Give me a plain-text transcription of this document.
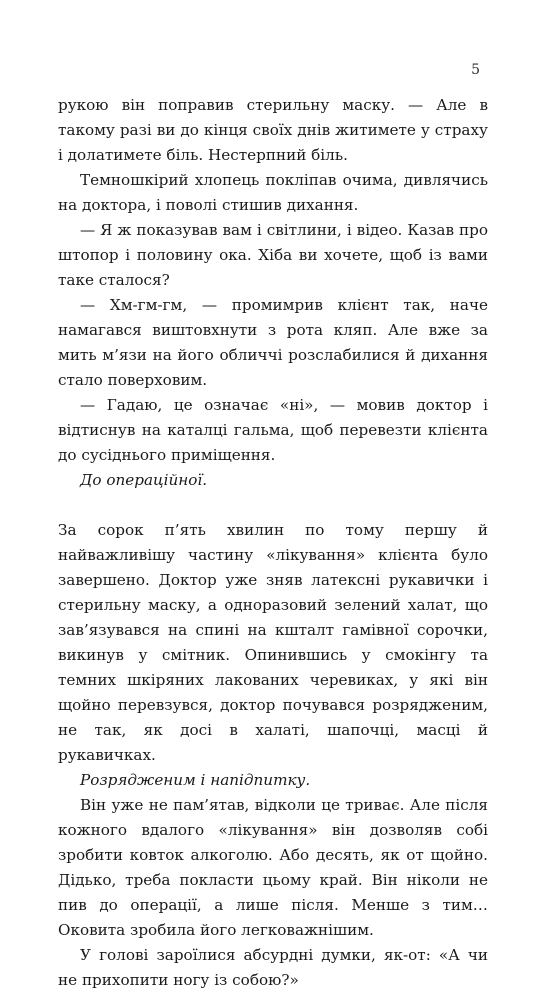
5

рукою він поправив стерильну маску. — Але в такому разі ви до кінця своїх днів житимете у страху і долатимете біль. Нестерпний біль.

Темношкірий хлопець покліпав очима, дивлячись на доктора, і поволі стишив дихання.

— Я ж показував вам і світлини, і відео. Казав про штопор і половину ока. Хіба ви хочете, щоб із вами таке сталося?

— Хм-гм-гм, — промимрив клієнт так, наче намагався виштовхнути з рота кляп. Але вже за мить м’язи на його обличчі розслабилися й дихання стало поверховим.

— Гадаю, це означає «ні», — мовив доктор і відтиснув на каталці гальма, щоб перевезти клієнта до сусіднього приміщення.

До операційної.

За сорок п’ять хвилин по тому першу й найважливішу частину «лікування» клієнта було завершено. Доктор уже зняв латексні рукавички і стерильну маску, а одноразовий зелений халат, що зав’язувався на спині на кшталт гамівної сорочки, викинув у смітник. Опинившись у смокінгу та темних шкіряних лакованих черевиках, у які він щойно перевзувся, доктор почувався розрядженим, не так, як досі в халаті, шапочці, масці й рукавичках.

Розрядженим і напідпитку.

Він уже не пам’ятав, відколи це триває. Але після кожного вдалого «лікування» він дозволяв собі зробити ковток алкоголю. Або десять, як от щойно. Дідько, треба покласти цьому край. Він ніколи не пив до операції, а лише після. Менше з тим… Оковита зробила його легковажнішим.

У голові зароїлися абсурдні думки, як-от: «А чи не прихопити ногу із собою?»
